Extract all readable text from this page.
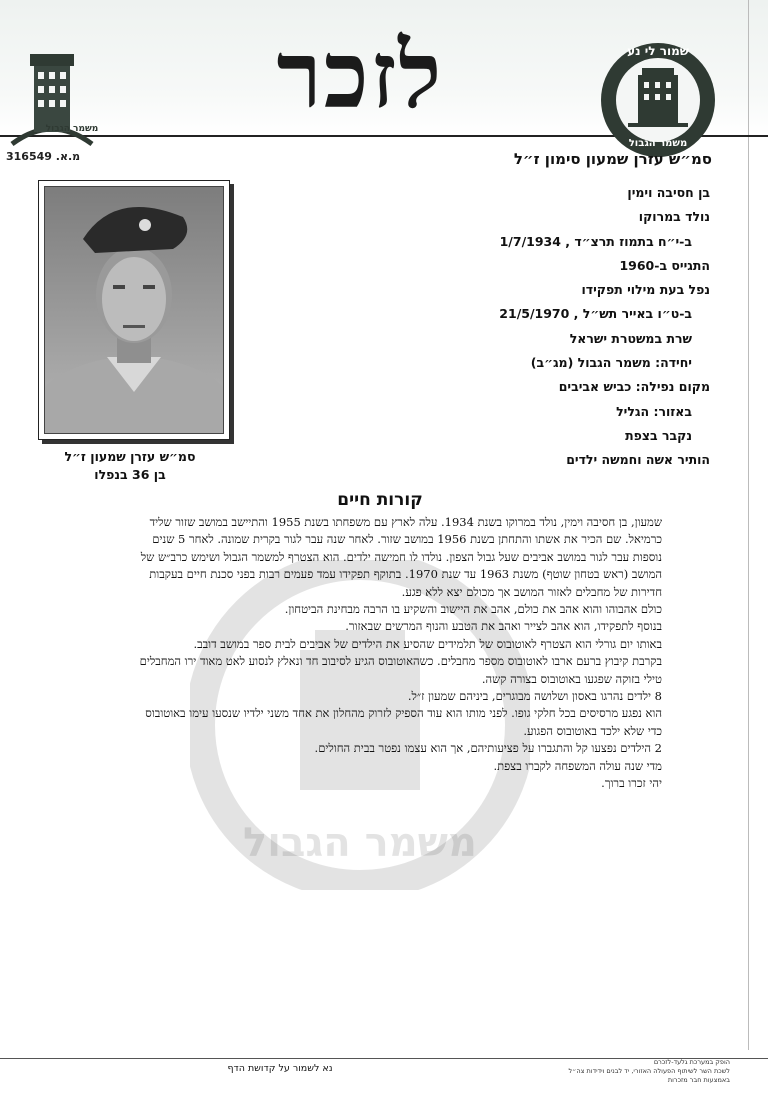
לזכר	שמור לי נע
משמר הגבול
משמר הגבול
316549 .מ.א	סמ״ש עזרן שמעון סימון ז״ל
בן חסיבה וימין
נולד במרוקו
ב-י״ח בתמוז תרצ״ד , 1/7/1934
התגייס ב-1960
נפל בעת מילוי תפקידו
ב-ט״ו באייר תש״ל , 21/5/1970
שרת במשטרת ישראל
יחידה: משמר הגבול (מג״ב)
מקום נפילה: כביש אביבים
באזור: הגליל
נקבר בצפת
הותיר אשה וחמשה ילדים
סמ״ש עזרן שמעון ז״ל
בן 36 בנפלו
משמר הגבול
קורות חיים

שמעון, בן חסיבה וימין, נולד במרוקו בשנת 1934. עלה לארץ עם משפחתו בשנת 1955 והתיישב במושב שזור שליד כרמיאל. שם הכיר את אשתו והתחתן בשנת 1956 במושב שזור. לאחר שנה עבר לגור בקרית שמונה. לאחר 5 שנים נוספות עבר לגור במושב אביבים שעל גבול הצפון. נולדו לו חמישה ילדים. הוא הצטרף למשמר הגבול ושימש כרב״ש של המושב (ראש בטחון שוטף) משנת 1963 עד שנת 1970. בתוקף תפקידו עמד פעמים רבות בפני סכנת חיים בעקבות חדירות של מחבלים לאזור המושב אך מכולם יצא ללא פגע.

כולם אהבוהו והוא אהב את כולם, אהב את היישוב והשקיע בו הרבה מבחינת הביטחון.

בנוסף לתפקידו, הוא אהב לצייר ואהב את הטבע והנוף המרשים שבאזור.

באותו יום גורלי הוא הצטרף לאוטובוס של תלמידים שהסיע את הילדים של אביבים לבית ספר במושב דובב.

בקרבת קיבוץ ברעם ארבו לאוטובוס מספר מחבלים. כשהאוטובוס הגיע לסיבוב חד ונאלץ לנסוע לאט מאוד ירו המחבלים טילי בזוקה שפגעו באוטובוס בצורה קשה.

8 ילדים נהרגו באסון ושלושה מבוגרים, ביניהם שמעון ז״ל.

הוא נפגע מרסיסים בכל חלקי גופו. לפני מותו הוא עוד הספיק לזרוק מהחלון את אחד משני ילדיו שנסעו עימו באוטובוס כדי שלא ילכד באוטובוס הפגוע.

2 הילדים נפצעו קל והתגברו על פציעותיהם, אך הוא עצמו נפטר בבית החולים.

מדי שנה עולה המשפחה לקברו בצפת.

יהי זכרו ברוך.

נא לשמור על קדושת הדף
הופק במערכת גלעד-לזכרם
לשכת השר לשיתוף הפעולה האזורי, יד לבנים וידידות צה״ל באמצעות חבר מזכרות
